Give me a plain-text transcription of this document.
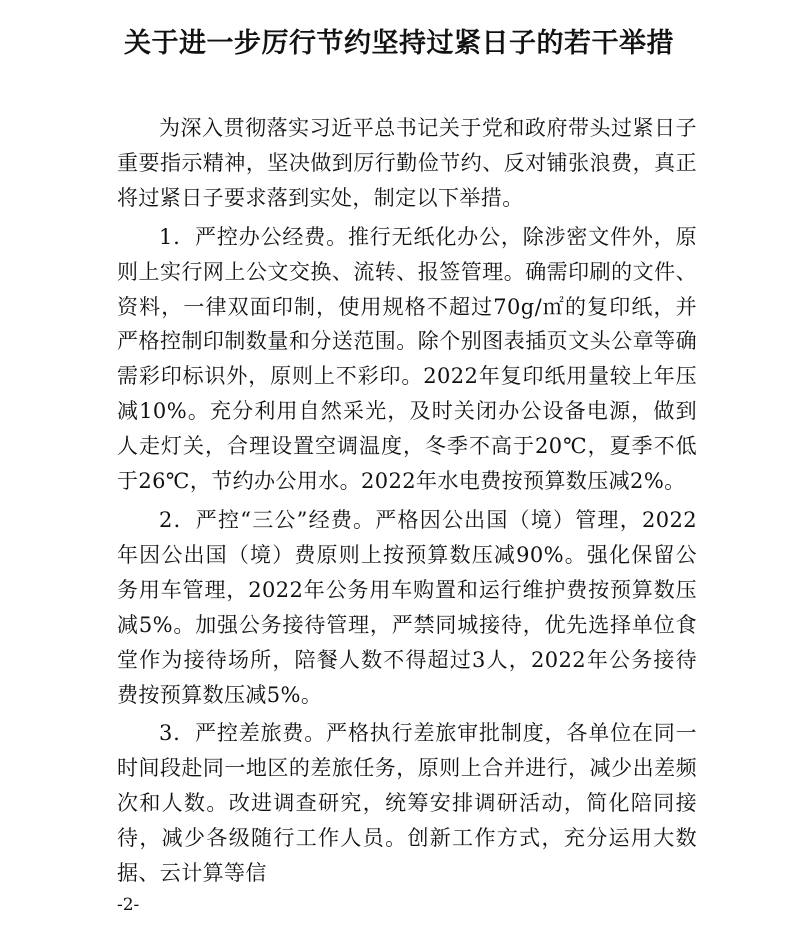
关于进一步厉行节约坚持过紧日子的若干举措

为深入贯彻落实习近平总书记关于党和政府带头过紧日子重要指示精神，坚决做到厉行勤俭节约、反对铺张浪费，真正将过紧日子要求落到实处，制定以下举措。

1．严控办公经费。推行无纸化办公，除涉密文件外，原则上实行网上公文交换、流转、报签管理。确需印刷的文件、资料，一律双面印制，使用规格不超过70g/㎡的复印纸，并严格控制印制数量和分送范围。除个别图表插页文头公章等确需彩印标识外，原则上不彩印。2022年复印纸用量较上年压减10%。充分利用自然采光，及时关闭办公设备电源，做到人走灯关，合理设置空调温度，冬季不高于20℃，夏季不低于26℃，节约办公用水。2022年水电费按预算数压减2%。

2．严控“三公”经费。严格因公出国（境）管理，2022年因公出国（境）费原则上按预算数压减90%。强化保留公务用车管理，2022年公务用车购置和运行维护费按预算数压减5%。加强公务接待管理，严禁同城接待，优先选择单位食堂作为接待场所，陪餐人数不得超过3人，2022年公务接待费按预算数压减5%。

3．严控差旅费。严格执行差旅审批制度，各单位在同一时间段赴同一地区的差旅任务，原则上合并进行，减少出差频次和人数。改进调查研究，统筹安排调研活动，简化陪同接待，减少各级随行工作人员。创新工作方式，充分运用大数据、云计算等信

-2-
